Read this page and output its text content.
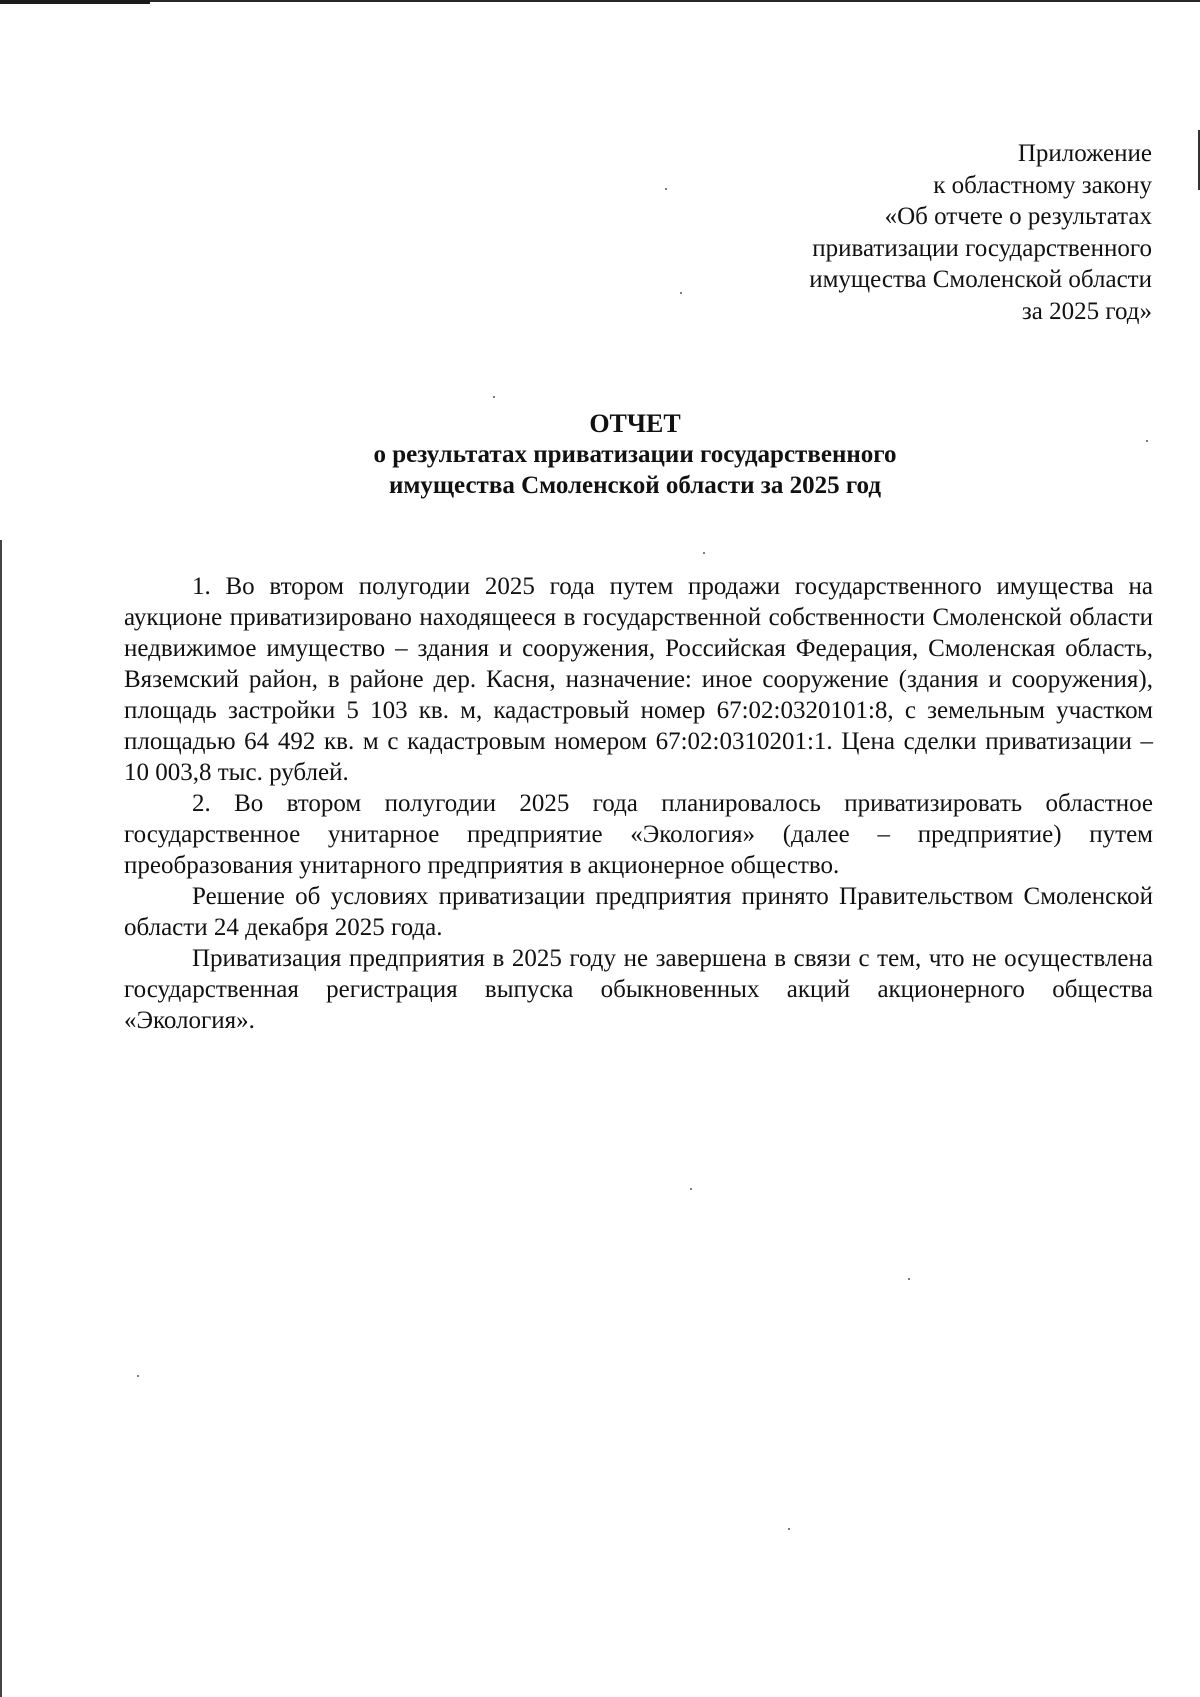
Приложение
к областному закону
«Об отчете о результатах
приватизации государственного
имущества Смоленской области
за 2025 год»
ОТЧЕТ
о результатах приватизации государственного
имущества Смоленской области за 2025 год

1. Во втором полугодии 2025 года путем продажи государственного имущества на аукционе приватизировано находящееся в государственной собственности Смоленской области недвижимое имущество – здания и сооружения, Российская Федерация, Смоленская область, Вяземский район, в районе дер. Касня, назначение: иное сооружение (здания и сооружения), площадь застройки 5 103 кв. м, кадастровый номер 67:02:0320101:8, с земельным участком площадью 64 492 кв. м с кадастровым номером 67:02:0310201:1. Цена сделки приватизации – 10 003,8 тыс. рублей.

2. Во втором полугодии 2025 года планировалось приватизировать областное государственное унитарное предприятие «Экология» (далее – предприятие) путем преобразования унитарного предприятия в акционерное общество.

Решение об условиях приватизации предприятия принято Правительством Смоленской области 24 декабря 2025 года.

Приватизация предприятия в 2025 году не завершена в связи с тем, что не осуществлена государственная регистрация выпуска обыкновенных акций акционерного общества «Экология».
